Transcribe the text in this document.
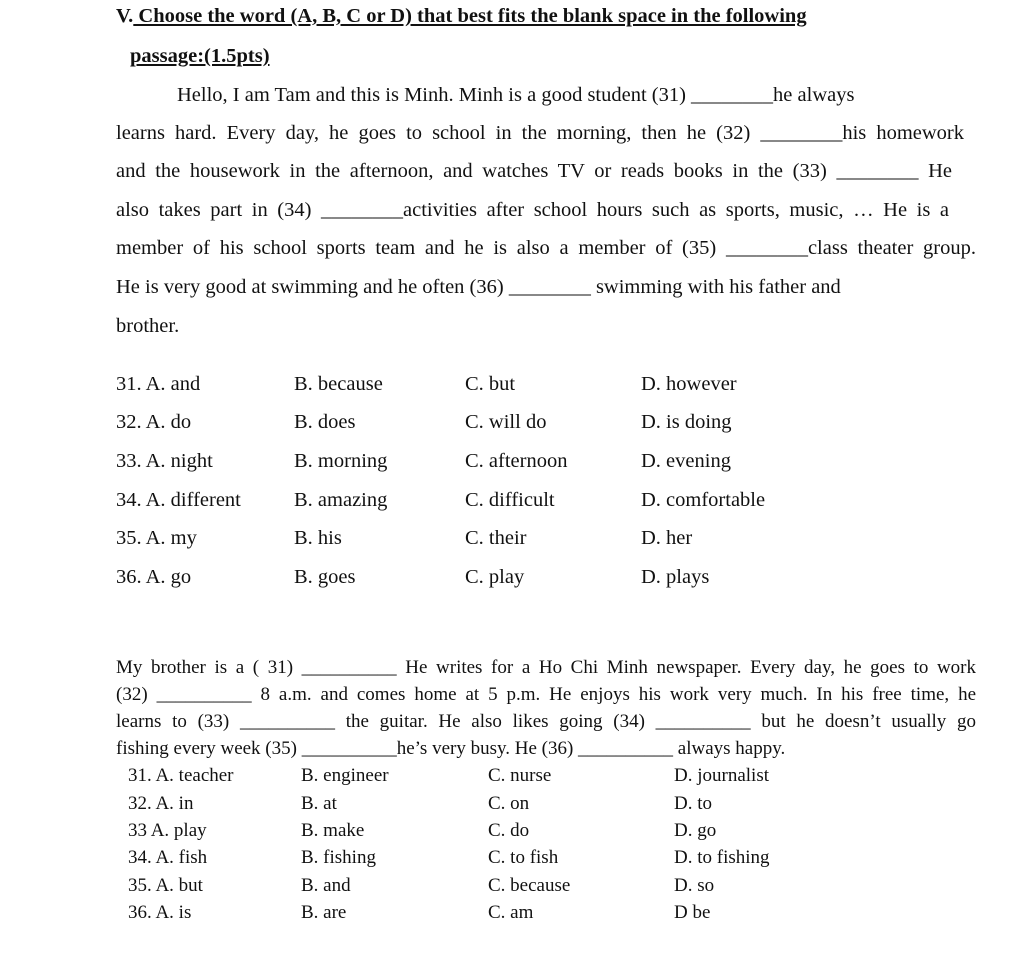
V. Choose the word (A, B, C or D) that best fits the blank space in the following
passage:(1.5pts)
Hello, I am Tam and this is Minh. Minh is a good student (31) ________he always
learns hard. Every day, he goes to school in the morning, then he (32) ________his homework
and the housework in the afternoon, and watches TV or reads books in the (33) ________ He
also takes part in (34) ________activities after school hours such as sports, music, … He is a
member of his school sports team and he is also a member of (35) ________class theater group.
He is very good at swimming and he often (36) ________ swimming with his father and
brother.
31. A. and	B. because	C. but	D. however
32. A. do	B. does	C. will do	D. is doing
33. A. night	B. morning	C. afternoon	D. evening
34. A. different	B. amazing	C. difficult	D. comfortable
35. A. my	B. his	C. their	D. her
36. A. go	B. goes	C. play	D. plays
My brother is a ( 31) __________ He writes for a Ho Chi Minh newspaper. Every day, he goes to work
(32) __________ 8 a.m. and comes home at 5 p.m. He enjoys his work very much. In his free time, he
learns to (33) __________ the guitar. He also likes going (34) __________ but he doesn’t usually go
fishing every week (35) __________he’s very busy. He (36) __________ always happy.
31. A. teacher	B. engineer	C. nurse	D. journalist
32. A. in	B. at	C. on	D. to
33 A. play	B. make	C. do	D. go
34. A. fish	B. fishing	C. to fish	D. to fishing
35. A. but	B. and	C. because	D. so
36. A. is	B. are	C. am	D be
